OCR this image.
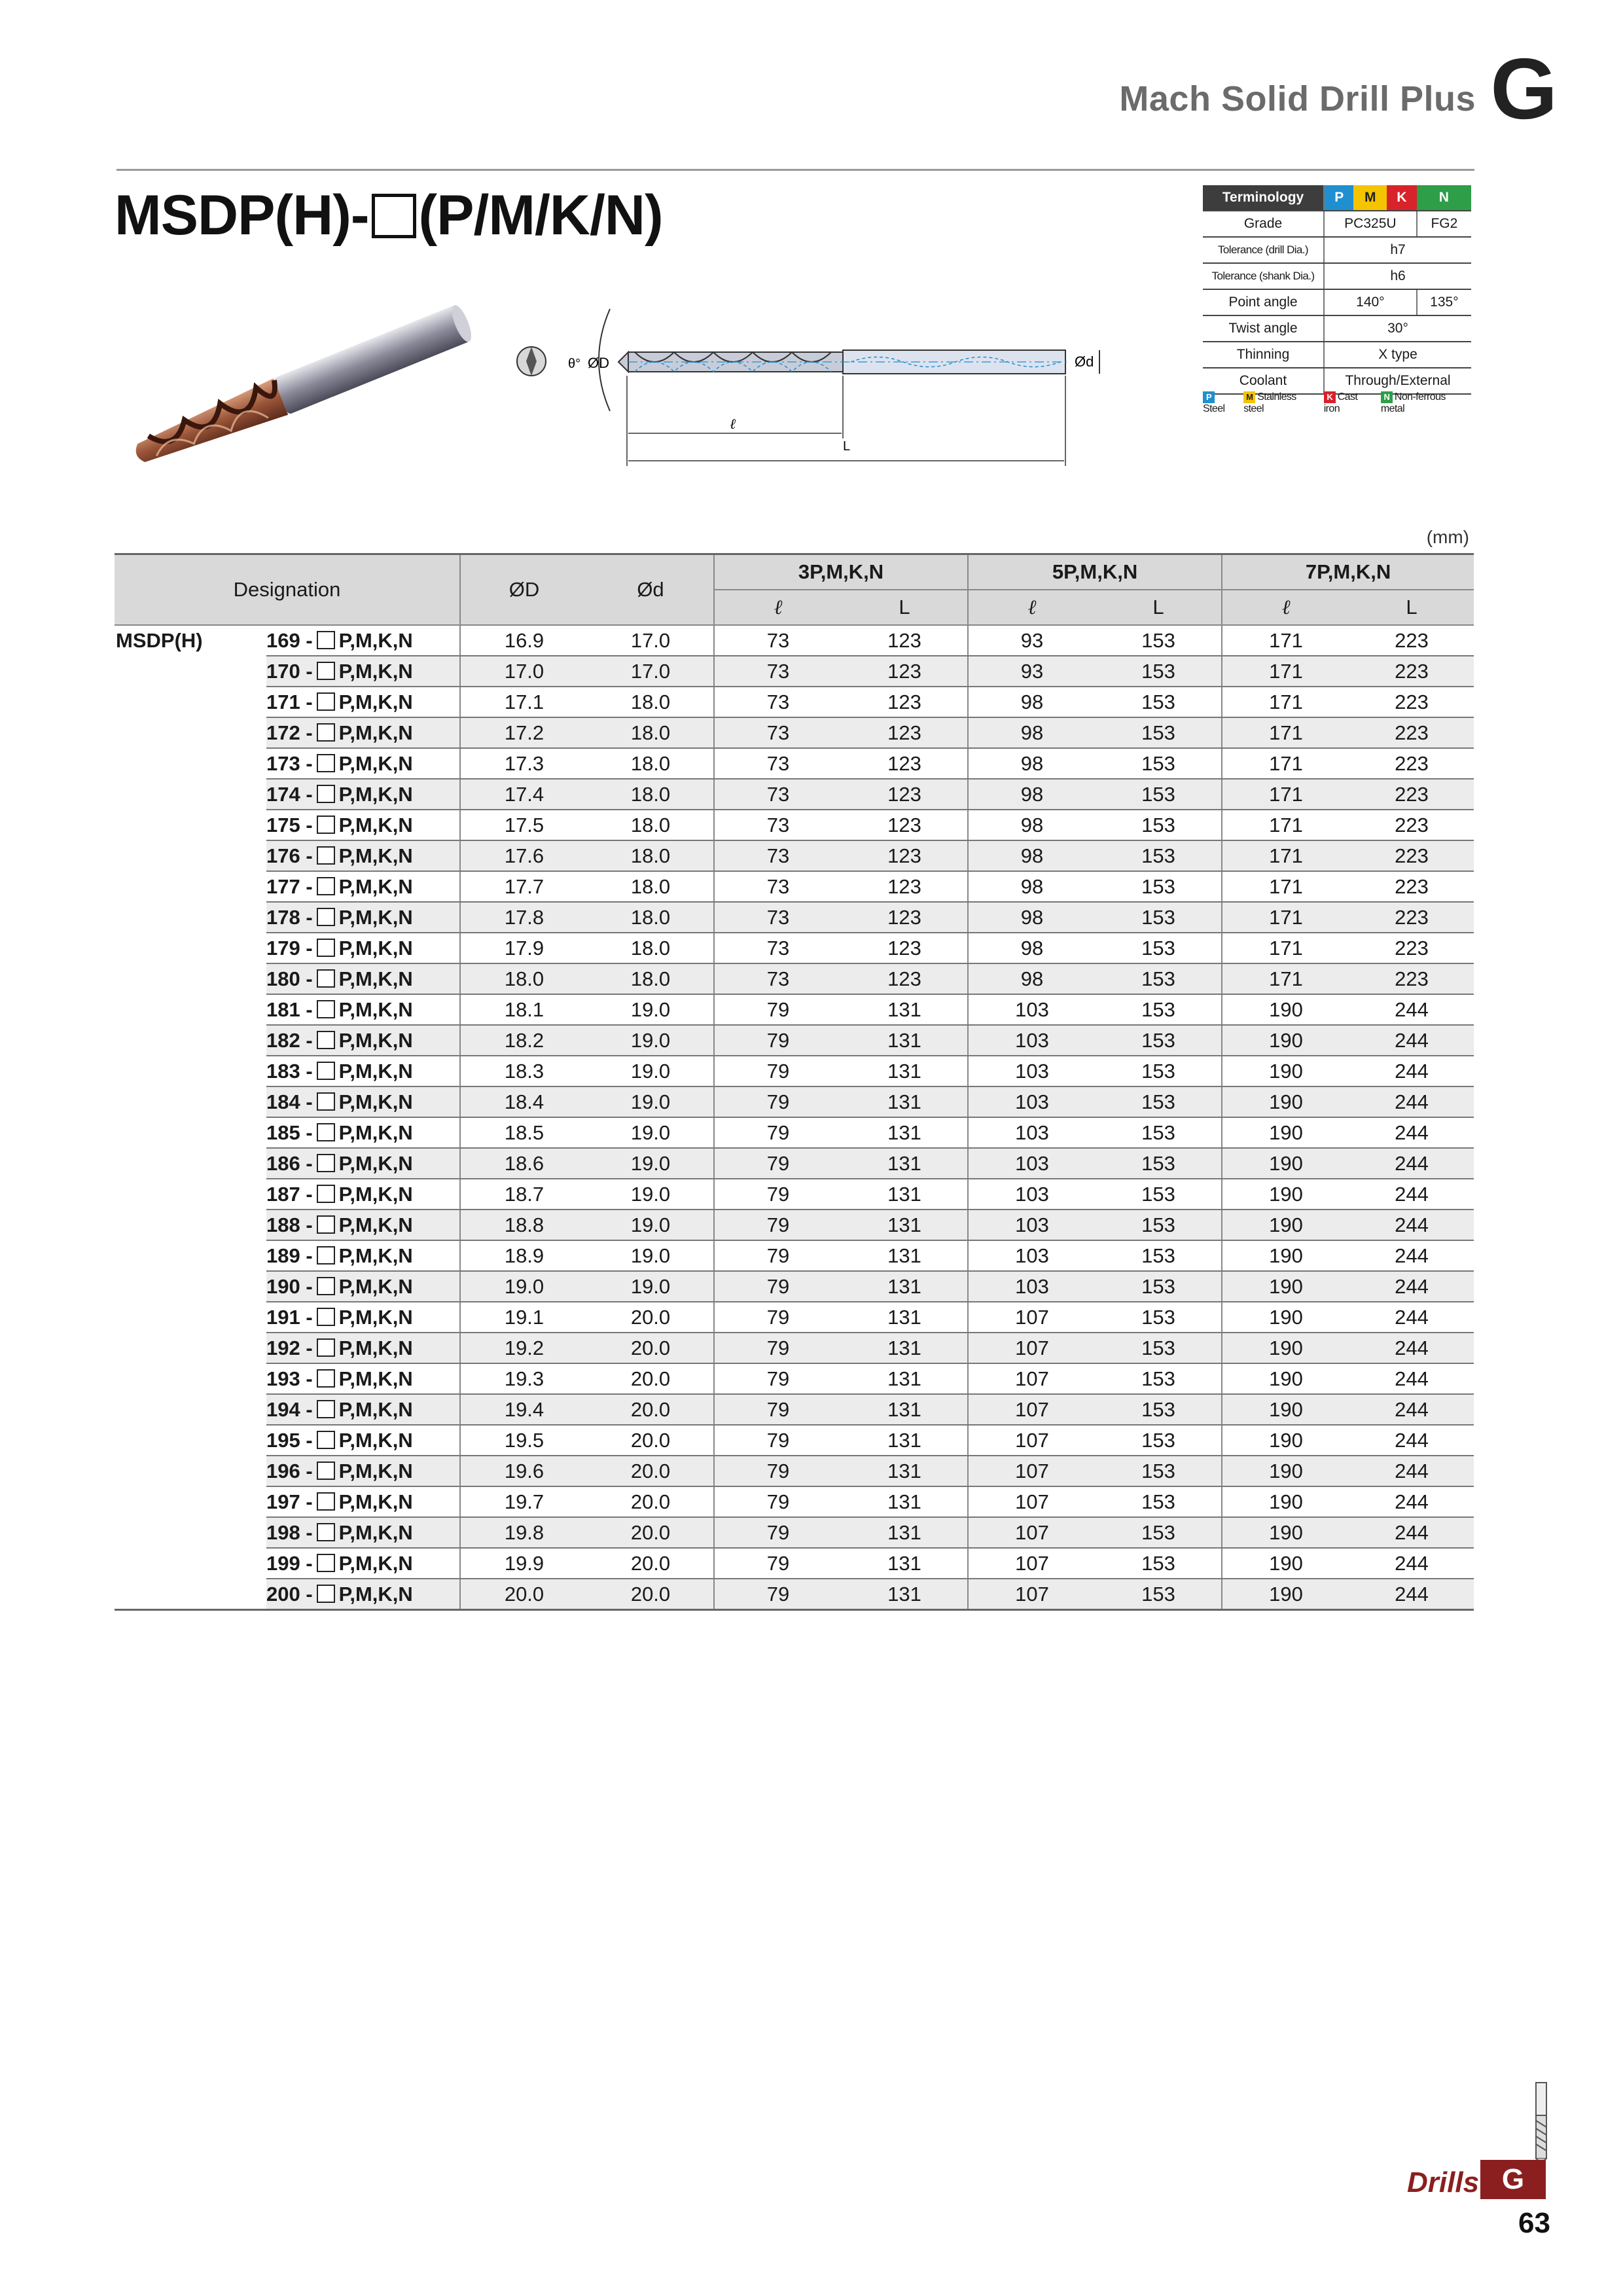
Mach Solid Drill Plus G
MSDP(H)- (P/M/K/N)
θ° ØD	Ød
ℓ
L
Terminology	P	M	K	N
Grade	PC325U			FG2
Tolerance (drill Dia.)	h7			
Tolerance (shank Dia.)	h6			
Point angle	140°			135°
Twist angle	30°			
Thinning	X type			
Coolant	Through/External			
PSteel
M Stainless steel
K Cast iron
N Non-ferrous metal
(mm)
Designation		ØD	Ød	3P,M,K,N		5P,M,K,N		7P,M,K,N	
				ℓ	L	ℓ	L	ℓ	L
MSDP(H)	169 - P,M,K,N	16.9	17.0	73	123	93	153	171	223
	170 - P,M,K,N	17.0	17.0	73	123	93	153	171	223
	171 - P,M,K,N	17.1	18.0	73	123	98	153	171	223
	172 - P,M,K,N	17.2	18.0	73	123	98	153	171	223
	173 - P,M,K,N	17.3	18.0	73	123	98	153	171	223
	174 - P,M,K,N	17.4	18.0	73	123	98	153	171	223
	175 - P,M,K,N	17.5	18.0	73	123	98	153	171	223
	176 - P,M,K,N	17.6	18.0	73	123	98	153	171	223
	177 - P,M,K,N	17.7	18.0	73	123	98	153	171	223
	178 - P,M,K,N	17.8	18.0	73	123	98	153	171	223
	179 - P,M,K,N	17.9	18.0	73	123	98	153	171	223
	180 - P,M,K,N	18.0	18.0	73	123	98	153	171	223
	181 - P,M,K,N	18.1	19.0	79	131	103	153	190	244
	182 - P,M,K,N	18.2	19.0	79	131	103	153	190	244
	183 - P,M,K,N	18.3	19.0	79	131	103	153	190	244
	184 - P,M,K,N	18.4	19.0	79	131	103	153	190	244
	185 - P,M,K,N	18.5	19.0	79	131	103	153	190	244
	186 - P,M,K,N	18.6	19.0	79	131	103	153	190	244
	187 - P,M,K,N	18.7	19.0	79	131	103	153	190	244
	188 - P,M,K,N	18.8	19.0	79	131	103	153	190	244
	189 - P,M,K,N	18.9	19.0	79	131	103	153	190	244
	190 - P,M,K,N	19.0	19.0	79	131	103	153	190	244
	191 - P,M,K,N	19.1	20.0	79	131	107	153	190	244
	192 - P,M,K,N	19.2	20.0	79	131	107	153	190	244
	193 - P,M,K,N	19.3	20.0	79	131	107	153	190	244
	194 - P,M,K,N	19.4	20.0	79	131	107	153	190	244
	195 - P,M,K,N	19.5	20.0	79	131	107	153	190	244
	196 - P,M,K,N	19.6	20.0	79	131	107	153	190	244
	197 - P,M,K,N	19.7	20.0	79	131	107	153	190	244
	198 - P,M,K,N	19.8	20.0	79	131	107	153	190	244
	199 - P,M,K,N	19.9	20.0	79	131	107	153	190	244
	200 - P,M,K,N	20.0	20.0	79	131	107	153	190	244
Drills G
63
